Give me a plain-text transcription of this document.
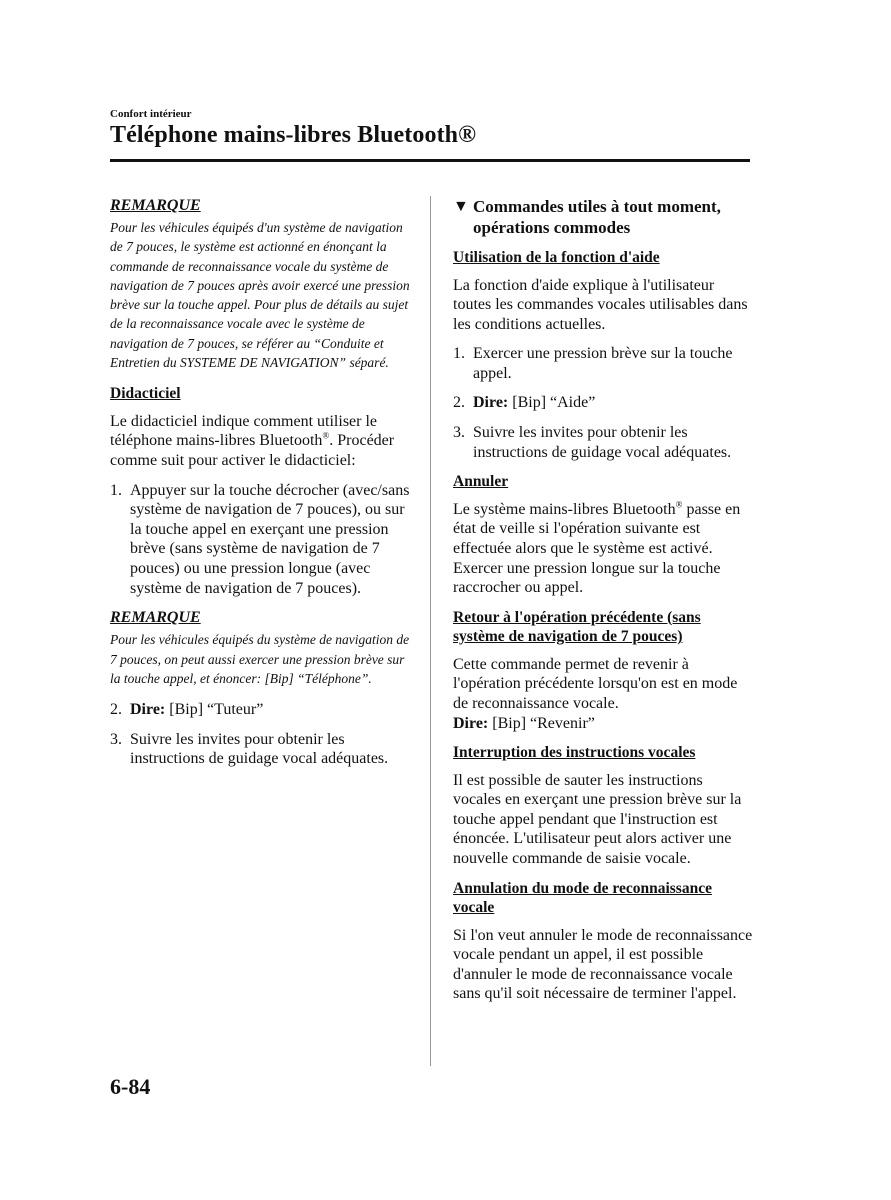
Confort intérieur
Téléphone mains-libres Bluetooth®
REMARQUE
Pour les véhicules équipés d'un système de navigation de 7 pouces, le système est actionné en énonçant la commande de reconnaissance vocale du système de navigation de 7 pouces après avoir exercé une pression brève sur la touche appel. Pour plus de détails au sujet de la reconnaissance vocale avec le système de navigation de 7 pouces, se référer au “Conduite et Entretien du SYSTEME DE NAVIGATION” séparé.
Didacticiel

Le didacticiel indique comment utiliser le téléphone mains-libres Bluetooth®. Procéder comme suit pour activer le didacticiel:

1. Appuyer sur la touche décrocher (avec/sans système de navigation de 7 pouces), ou sur la touche appel en exerçant une pression brève (sans système de navigation de 7 pouces) ou une pression longue (avec système de navigation de 7 pouces).
REMARQUE
Pour les véhicules équipés du système de navigation de 7 pouces, on peut aussi exercer une pression brève sur la touche appel, et énoncer: [Bip] “Téléphone”.
2. Dire: [Bip] “Tuteur”
3. Suivre les invites pour obtenir les instructions de guidage vocal adéquates.
▼ Commandes utiles à tout moment, opérations commodes
Utilisation de la fonction d'aide

La fonction d'aide explique à l'utilisateur toutes les commandes vocales utilisables dans les conditions actuelles.

1. Exercer une pression brève sur la touche appel.
2. Dire: [Bip] “Aide”
3. Suivre les invites pour obtenir les instructions de guidage vocal adéquates.
Annuler

Le système mains-libres Bluetooth® passe en état de veille si l'opération suivante est effectuée alors que le système est activé. Exercer une pression longue sur la touche raccrocher ou appel.

Retour à l'opération précédente (sans système de navigation de 7 pouces)

Cette commande permet de revenir à l'opération précédente lorsqu'on est en mode de reconnaissance vocale.
Dire: [Bip] “Revenir”

Interruption des instructions vocales

Il est possible de sauter les instructions vocales en exerçant une pression brève sur la touche appel pendant que l'instruction est énoncée. L'utilisateur peut alors activer une nouvelle commande de saisie vocale.

Annulation du mode de reconnaissance vocale

Si l'on veut annuler le mode de reconnaissance vocale pendant un appel, il est possible d'annuler le mode de reconnaissance vocale sans qu'il soit nécessaire de terminer l'appel.

6-84
